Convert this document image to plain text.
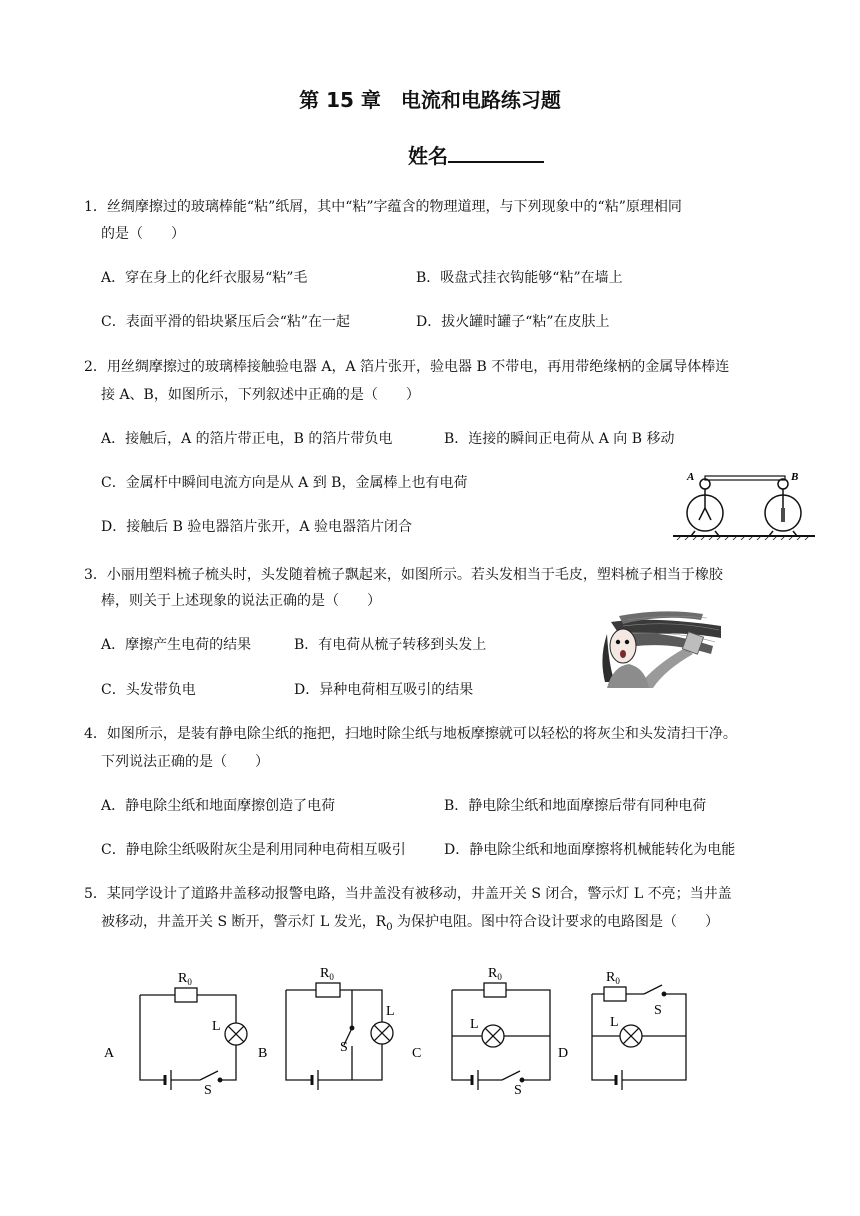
第 15 章　电流和电路练习题
姓名
1．丝绸摩擦过的玻璃棒能“粘”纸屑，其中“粘”字蕴含的物理道理，与下列现象中的“粘”原理相同
的是（　　）
A．穿在身上的化纤衣服易“粘”毛	B．吸盘式挂衣钩能够“粘”在墙上
C．表面平滑的铅块紧压后会“粘”在一起	D．拔火罐时罐子“粘”在皮肤上
2．用丝绸摩擦过的玻璃棒接触验电器 A，A 箔片张开，验电器 B 不带电，再用带绝缘柄的金属导体棒连
接 A、B，如图所示，下列叙述中正确的是（　　）
A．接触后，A 的箔片带正电，B 的箔片带负电	B．连接的瞬间正电荷从 A 向 B 移动
C．金属杆中瞬间电流方向是从 A 到 B，金属棒上也有电荷
D．接触后 B 验电器箔片张开，A 验电器箔片闭合
A	B
3．小丽用塑料梳子梳头时，头发随着梳子飘起来，如图所示。若头发相当于毛皮，塑料梳子相当于橡胶
棒，则关于上述现象的说法正确的是（　　）
A．摩擦产生电荷的结果	B．有电荷从梳子转移到头发上
C．头发带负电	D．异种电荷相互吸引的结果
4．如图所示，是装有静电除尘纸的拖把，扫地时除尘纸与地板摩擦就可以轻松的将灰尘和头发清扫干净。
下列说法正确的是（　　）
A．静电除尘纸和地面摩擦创造了电荷	B．静电除尘纸和地面摩擦后带有同种电荷
C．静电除尘纸吸附灰尘是利用同种电荷相互吸引	D．静电除尘纸和地面摩擦将机械能转化为电能
5．某同学设计了道路井盖移动报警电路，当井盖没有被移动，井盖开关 S 闭合，警示灯 L 不亮；当井盖
被移动，井盖开关 S 断开，警示灯 L 发光，$R_0$ 为保护电阻。图中符合设计要求的电路图是（　　）
A	B	C	D
$R_0$
$R_0$	$R_0$	$R_0$
L
L
L	L
S
S
S
S
